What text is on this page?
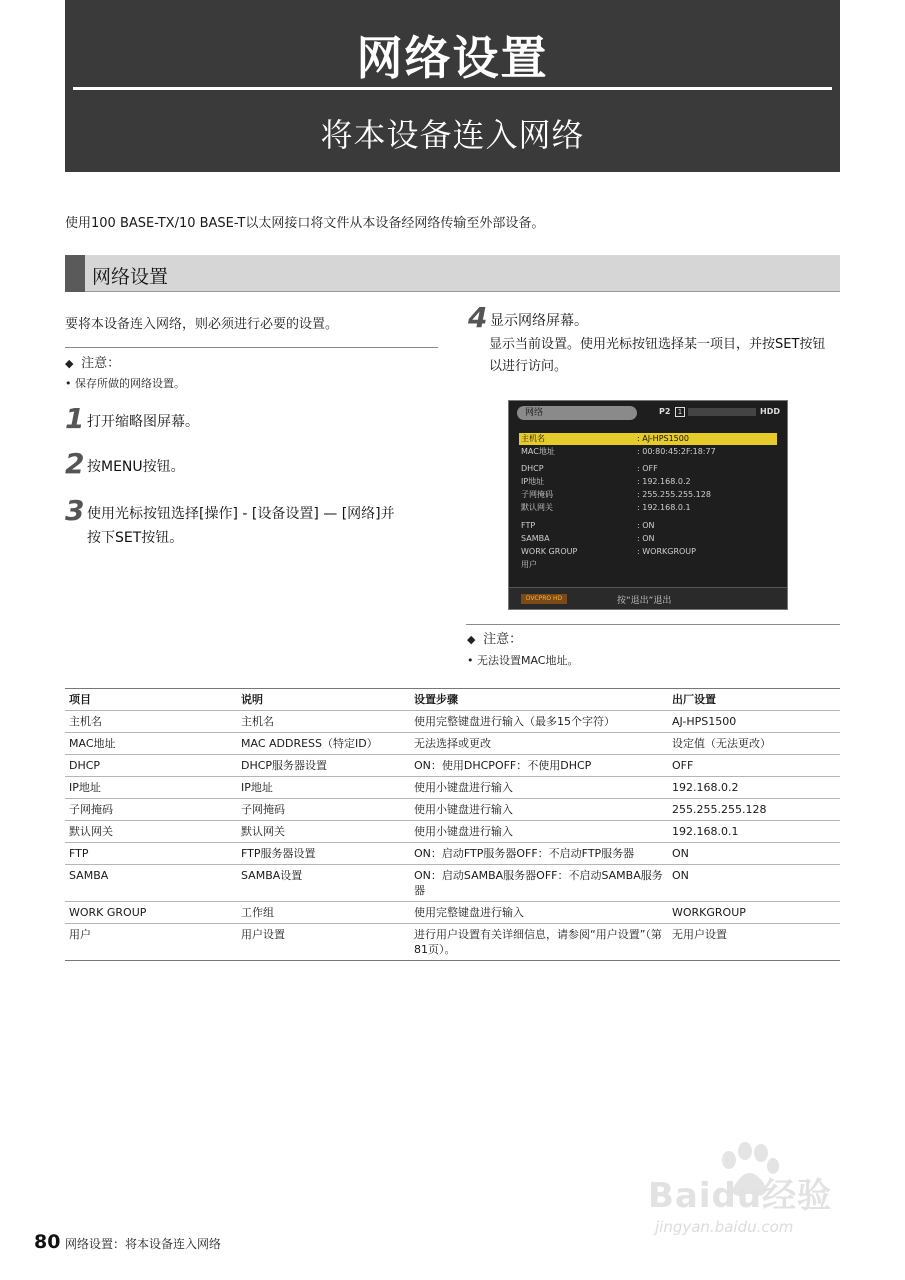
网络设置
将本设备连入网络
使用100 BASE-TX/10 BASE-T以太网接口将文件从本设备经网络传输至外部设备。
网络设置
要将本设备连入网络，则必须进行必要的设置。
◆ 注意：
• 保存所做的网络设置。
1 打开缩略图屏幕。
2 按MENU按钮。
3 使用光标按钮选择[操作] - [设备设置] — [网络]并
按下SET按钮。
4 显示网络屏幕。
显示当前设置。使用光标按钮选择某一项目，并按SET按钮
以进行访问。
网络	P2	1	HDD
主机名	: AJ-HPS1500
MAC地址	: 00:80:45:2F:18:77
DHCP	: OFF
IP地址	: 192.168.0.2
子网掩码	: 255.255.255.128
默认网关	: 192.168.0.1
FTP	: ON
SAMBA	: ON
WORK GROUP	: WORKGROUP
用户
DVCPRO HD	按“退出”退出
◆ 注意：
• 无法设置MAC地址。
项目	说明	设置步骤	出厂设置
主机名	主机名	使用完整键盘进行输入（最多15个字符）	AJ-HPS1500
MAC地址	MAC ADDRESS（特定ID）	无法选择或更改	设定值（无法更改）
DHCP	DHCP服务器设置	ON：使用DHCPOFF：不使用DHCP	OFF
IP地址	IP地址	使用小键盘进行输入	192.168.0.2
子网掩码	子网掩码	使用小键盘进行输入	255.255.255.128
默认网关	默认网关	使用小键盘进行输入	192.168.0.1
FTP	FTP服务器设置	ON：启动FTP服务器OFF：不启动FTP服务器	ON
SAMBA	SAMBA设置	ON：启动SAMBA服务器OFF：不启动SAMBA服务器	ON
WORK GROUP	工作组	使用完整键盘进行输入	WORKGROUP
用户	用户设置	进行用户设置有关详细信息，请参阅“用户设置”（第81页）。	无用户设置
Baidu经验
jingyan.baidu.com
80 网络设置：将本设备连入网络
